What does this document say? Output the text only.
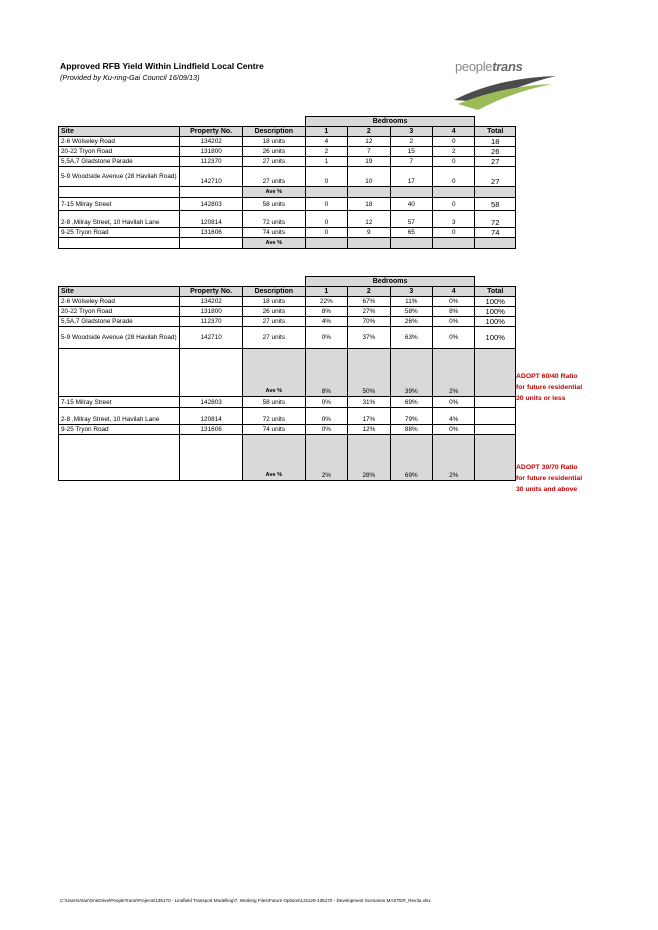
Approved RFB Yield Within Lindfield Local Centre
(Provided by Ku-ring-Gai Council 16/09/13)
peopletrans
			Bedrooms				
Site	Property No.	Description	1	2	3	4	Total
2-6 Wolseley Road	134202	18 units	4	12	2	0	18
20-22 Tryon Road	131800	26 units	2	7	15	2	26
5,5A,7 Gladstone Parade	112370	27 units	1	19	7	0	27
5-9 Woodside Avenue (28 Havilah Road)	142710	27 units	0	10	17	0	27
		Ave %					
7-15 Milray Street	142803	58 units	0	18	40	0	58
2-8 ,Milray Street, 10 Havilah Lane	120814	72 units	0	12	57	3	72
9-25 Tryon Road	131606	74 units	0	9	65	0	74
		Ave %					
			Bedrooms				
Site	Property No.	Description	1	2	3	4	Total
2-6 Wolseley Road	134202	18 units	22%	67%	11%	0%	100%
20-22 Tryon Road	131800	26 units	8%	27%	58%	8%	100%
5,5A,7 Gladstone Parade	112370	27 units	4%	70%	26%	0%	100%
5-9 Woodside Avenue (28 Havilah Road)	142710	27 units	0%	37%	63%	0%	100%
		Ave %	8%	50%	39%	2%	
7-15 Milray Street	142803	58 units	0%	31%	69%	0%	
2-8 ,Milray Street, 10 Havilah Lane	120814	72 units	0%	17%	79%	4%	
9-25 Tryon Road	131606	74 units	0%	12%	88%	0%	
		Ave %	2%	28%	69%	2%	
ADOPT 60/40 Ratio
for future residential
30 units or less
ADOPT 30/70 Ratio
for future residential
30 units and above
C:\Users\Alan\OneDrive\PeopleTrans\Projects\135170 - Lindfield Transport Modelling\7. Working Files\Future Options\131129-135170 - Development Scenarios MASTER_Rev3a.xlsx
